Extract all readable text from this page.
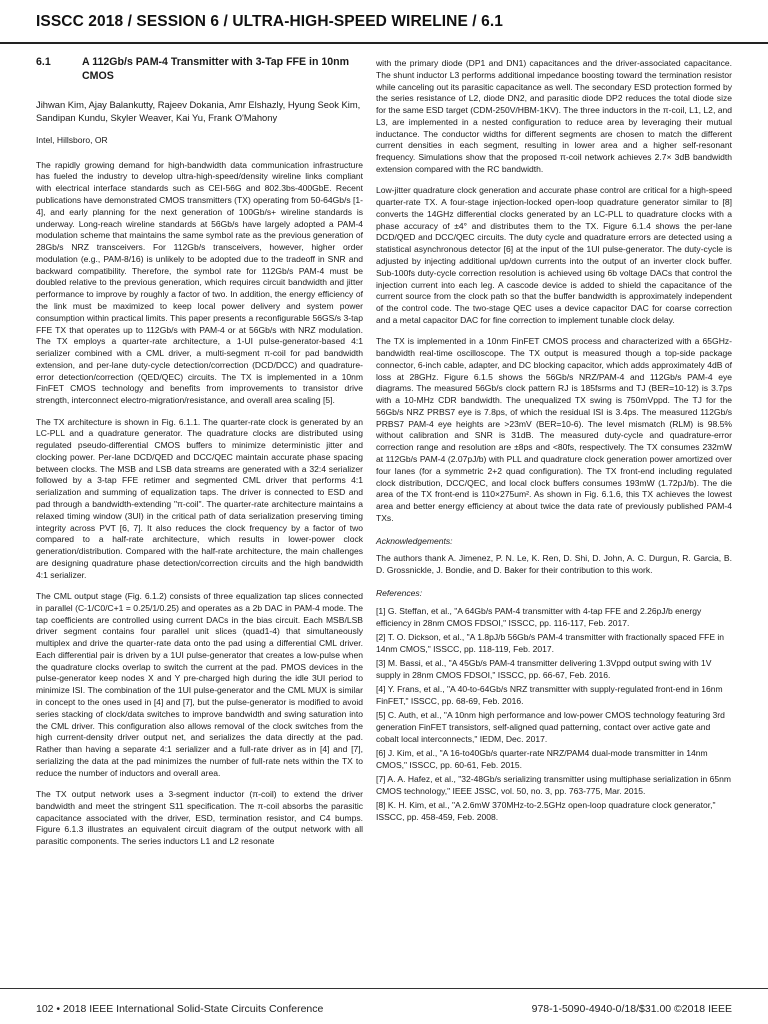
ISSCC 2018 / SESSION 6 / ULTRA-HIGH-SPEED WIRELINE / 6.1
6.1	A 112Gb/s PAM-4 Transmitter with 3-Tap FFE in 10nm CMOS

Jihwan Kim, Ajay Balankutty, Rajeev Dokania, Amr Elshazly, Hyung Seok Kim, Sandipan Kundu, Skyler Weaver, Kai Yu, Frank O'Mahony

Intel, Hillsboro, OR

The rapidly growing demand for high-bandwidth data communication infrastructure has fueled the industry to develop ultra-high-speed/density wireline links compliant with electrical interface standards such as CEI-56G and 802.3bs-400GbE. Recent publications have demonstrated CMOS transmitters (TX) operating from 50-64Gb/s [1-4], and early planning for the next generation of 100Gb/s+ wireline standards is underway. Long-reach wireline standards at 56Gb/s have largely adopted a PAM-4 modulation scheme that maintains the same symbol rate as the previous generation of 28Gb/s NRZ transceivers. For 112Gb/s transceivers, however, higher order modulation (e.g., PAM-8/16) is unlikely to be adopted due to the tradeoff in SNR and backward compatibility. Therefore, the symbol rate for 112Gb/s PAM-4 must be doubled relative to the previous generation, which requires circuit bandwidth and jitter performance to improve by roughly a factor of two. In addition, the energy efficiency of the link must be maximized to keep local power delivery and system power consumption within practical limits. This paper presents a reconfigurable 56GS/s 3-tap FFE TX that operates up to 112Gb/s with PAM-4 or at 56Gb/s with NRZ modulation. The TX employs a quarter-rate architecture, a 1-UI pulse-generator-based 4:1 serializer combined with a CML driver, a multi-segment π-coil for pad bandwidth extension, and per-lane duty-cycle detection/correction (DCD/DCC) and quadrature-error detection/correction (QED/QEC) circuits. The TX is implemented in a 10nm FinFET CMOS technology and benefits from improvements to transistor drive strength, interconnect electro-migration/resistance, and overall area scaling [5].

The TX architecture is shown in Fig. 6.1.1. The quarter-rate clock is generated by an LC-PLL and a quadrature generator. The quadrature clocks are distributed using regulated pseudo-differential CMOS buffers to minimize deterministic jitter and clocking power. Per-lane DCD/QED and DCC/QEC maintain accurate phase spacing between clocks. The MSB and LSB data streams are generated with a 32:4 serializer followed by a 3-tap FFE retimer and segmented CML driver that performs 4:1 serialization and summing of equalization taps. The driver is connected to ESD and pad through a bandwidth-extending "π-coil". The quarter-rate architecture maintains a relaxed timing window (3UI) in the critical path of data serialization preserving timing integrity across PVT [6, 7]. It also reduces the clock frequency by a factor of two compared to a half-rate architecture, which results in lower-power clock generation/distribution. Compared with the half-rate architecture, the main challenges are designing quadrature phase detection/correction circuits and the high bandwidth 4:1 serializer.

The CML output stage (Fig. 6.1.2) consists of three equalization tap slices connected in parallel (C-1/C0/C+1 = 0.25/1/0.25) and operates as a 2b DAC in PAM-4 mode. The tap coefficients are controlled using current DACs in the bias circuit. Each MSB/LSB driver segment contains four parallel unit slices (quad1-4) that simultaneously multiplex and drive the quarter-rate data onto the pad using a differential CML driver. Each differential pair is driven by a 1UI pulse-generator that creates a low-pulse when the quadrature clocks overlap to switch the current at the pad. PMOS devices in the pulse-generator keep nodes X and Y pre-charged high during the idle 3UI period to minimize ISI. The combination of the 1UI pulse-generator and the CML MUX is similar in concept to the ones used in [4] and [7], but the pulse-generator is modified to avoid series stacking of clock/data switches to improve bandwidth and swing saturation into the CML driver. This configuration also allows removal of the clock switches from the high current-density driver output net, and serializes the data directly at the pad. Rather than having a separate 4:1 serializer and a full-rate driver as in [4] and [7], serializing the data at the pad minimizes the number of full-rate nets within the TX to reduce the number of inductors and overall area.

The TX output network uses a 3-segment inductor (π-coil) to extend the driver bandwidth and meet the stringent S11 specification. The π-coil absorbs the parasitic capacitance associated with the driver, ESD, termination resistor, and C4 bumps. Figure 6.1.3 illustrates an equivalent circuit diagram of the output network with all parasitic components. The series inductors L1 and L2 resonate

with the primary diode (DP1 and DN1) capacitances and the driver-associated capacitance. The shunt inductor L3 performs additional impedance boosting toward the termination resistor while canceling out its parasitic capacitance as well. The secondary ESD protection formed by the series resistance of L2, diode DN2, and parasitic diode DP2 reduces the total diode size for the same ESD target (CDM-250V/HBM-1KV). The three inductors in the π-coil, L1, L2, and L3, are implemented in a nested configuration to reduce area by leveraging their mutual inductance. The conductor widths for different segments are chosen to match the different current densities in each segment, resulting in lower area and a higher self-resonant frequency. Simulations show that the proposed π-coil network achieves 2.7× 3dB bandwidth extension compared with the RC bandwidth.

Low-jitter quadrature clock generation and accurate phase control are critical for a high-speed quarter-rate TX. A four-stage injection-locked open-loop quadrature generator similar to [8] converts the 14GHz differential clocks generated by an LC-PLL to quadrature clocks with a phase accuracy of ±4° and distributes them to the TX. Figure 6.1.4 shows the per-lane DCD/QED and DCC/QEC circuits. The duty cycle and quadrature errors are detected using a statistical asynchronous detector [6] at the input of the 1UI pulse-generator. The duty-cycle is adjusted by injecting additional up/down currents into the output of an inverter clock buffer. Sub-100fs duty-cycle correction resolution is achieved using 6b voltage DACs that control the injection current into each leg. A cascode device is added to shield the capacitance of the current source from the clock path so that the buffer bandwidth is approximately independent of the control code. The two-stage QEC uses a device capacitor DAC for coarse correction and a metal capacitor DAC for fine correction to implement tunable clock delay.

The TX is implemented in a 10nm FinFET CMOS process and characterized with a 65GHz-bandwidth real-time oscilloscope. The TX output is measured though a top-side package connector, 6-inch cable, adapter, and DC blocking capacitor, which adds approximately 4dB of loss at 28GHz. Figure 6.1.5 shows the 56Gb/s NRZ/PAM-4 and 112Gb/s PAM-4 eye diagrams. The measured 56Gb/s clock pattern RJ is 185fsrms and TJ (BER=10-12) is 3.7ps with a 10-MHz CDR bandwidth. The unequalized TX swing is 750mVppd. The TJ for the 56Gb/s NRZ PRBS7 eye is 7.8ps, of which the residual ISI is 3.4ps. The measured 112Gb/s PRBS7 PAM-4 eye heights are >23mV (BER=10-6). The level mismatch (RLM) is 98.5% without calibration and SNR is 31dB. The measured duty-cycle and quadrature-error correction range and resolution are ±8ps and <80fs, respectively. The TX consumes 232mW at 112Gb/s PAM-4 (2.07pJ/b) with PLL and quadrature clock generation power amortized over four lanes (for a symmetric 2+2 quad configuration). The TX front-end including regulated clock distribution, DCC/QEC, and local clock buffers consumes 193mW (1.72pJ/b). The die area of the TX front-end is 110×275um². As shown in Fig. 6.1.6, this TX achieves the lowest area and better energy efficiency at about twice the data rate of previously published PAM-4 TXs.

Acknowledgements:

The authors thank A. Jimenez, P. N. Le, K. Ren, D. Shi, D. John, A. C. Durgun, R. Garcia, B. D. Grossnickle, J. Bondie, and D. Baker for their contribution to this work.

References:

[1] G. Steffan, et al., "A 64Gb/s PAM-4 transmitter with 4-tap FFE and 2.26pJ/b energy efficiency in 28nm CMOS FDSOI," ISSCC, pp. 116-117, Feb. 2017.

[2] T. O. Dickson, et al., "A 1.8pJ/b 56Gb/s PAM-4 transmitter with fractionally spaced FFE in 14nm CMOS," ISSCC, pp. 118-119, Feb. 2017.

[3] M. Bassi, et al., "A 45Gb/s PAM-4 transmitter delivering 1.3Vppd output swing with 1V supply in 28nm CMOS FDSOI," ISSCC, pp. 66-67, Feb. 2016.

[4] Y. Frans, et al., "A 40-to-64Gb/s NRZ transmitter with supply-regulated front-end in 16nm FinFET," ISSCC, pp. 68-69, Feb. 2016.

[5] C. Auth, et al., "A 10nm high performance and low-power CMOS technology featuring 3rd generation FinFET transistors, self-aligned quad patterning, contact over active gate and cobalt local interconnects," IEDM, Dec. 2017.

[6] J. Kim, et al., "A 16-to40Gb/s quarter-rate NRZ/PAM4 dual-mode transmitter in 14nm CMOS," ISSCC, pp. 60-61, Feb. 2015.

[7] A. A. Hafez, et al., "32-48Gb/s serializing transmitter using multiphase serialization in 65nm CMOS technology," IEEE JSSC, vol. 50, no. 3, pp. 763-775, Mar. 2015.

[8] K. H. Kim, et al., "A 2.6mW 370MHz-to-2.5GHz open-loop quadrature clock generator," ISSCC, pp. 458-459, Feb. 2008.

102 • 2018 IEEE International Solid-State Circuits Conference	978-1-5090-4940-0/18/$31.00 ©2018 IEEE
